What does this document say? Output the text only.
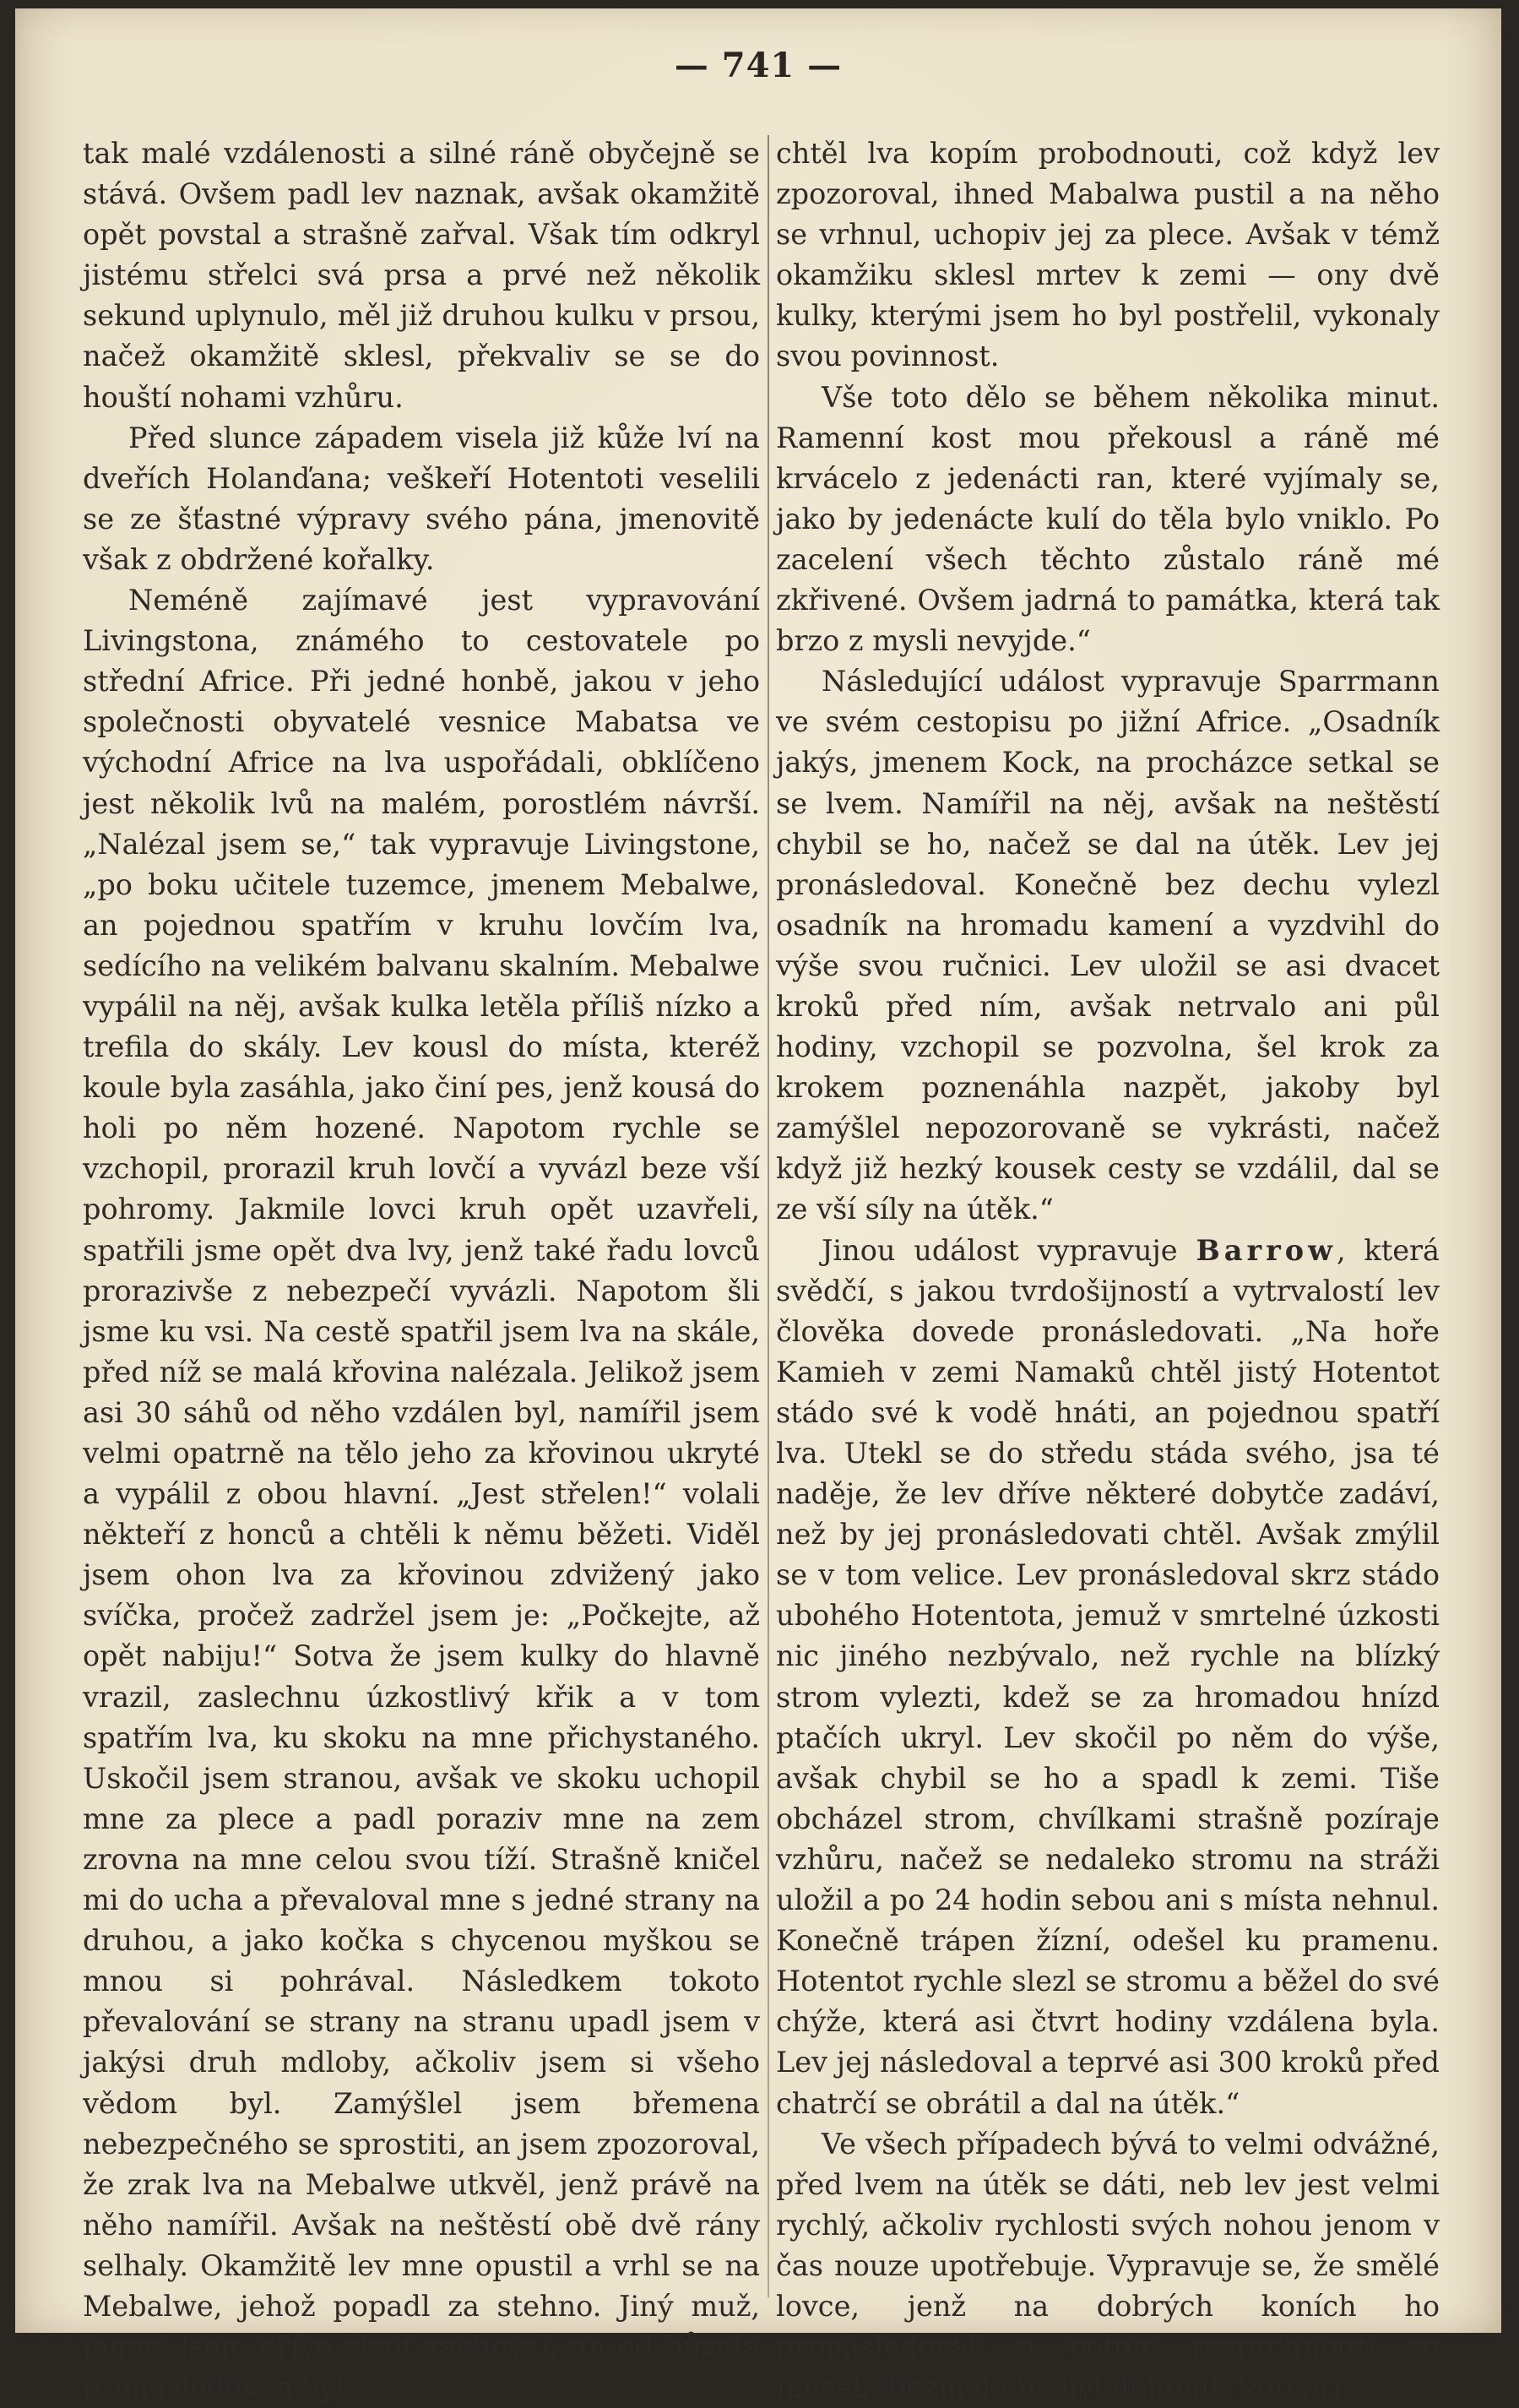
— 741 —

tak malé vzdálenosti a silné ráně obyčejně se stává. Ovšem padl lev naznak, avšak okamžitě opět povstal a strašně zařval. Však tím odkryl jistému střelci svá prsa a prvé než několik sekund uplynulo, měl již druhou kulku v prsou, načež okamžitě sklesl, překvaliv se se do houští nohami vzhůru.

Před slunce západem visela již kůže lví na dveřích Holanďana; veškeří Hotentoti veselili se ze šťastné výpravy svého pána, jmenovitě však z obdržené kořalky.

Neméně zajímavé jest vypravování Livingstona, známého to cestovatele po střední Africe. Při jedné honbě, jakou v jeho společnosti obyvatelé vesnice Mabatsa ve východní Africe na lva uspořádali, obklíčeno jest několik lvů na malém, porostlém návrší. „Nalézal jsem se,“ tak vypravuje Livingstone, „po boku učitele tuzemce, jmenem Mebalwe, an pojednou spatřím v kruhu lovčím lva, sedícího na velikém balvanu skalním. Mebalwe vypálil na něj, avšak kulka letěla příliš nízko a trefila do skály. Lev kousl do místa, kteréž koule byla zasáhla, jako činí pes, jenž kousá do holi po něm hozené. Napotom rychle se vzchopil, prorazil kruh lovčí a vyvázl beze vší pohromy. Jakmile lovci kruh opět uzavřeli, spatřili jsme opět dva lvy, jenž také řadu lovců prorazivše z nebezpečí vyvázli. Napotom šli jsme ku vsi. Na cestě spatřil jsem lva na skále, před níž se malá křovina nalézala. Jelikož jsem asi 30 sáhů od něho vzdálen byl, namířil jsem velmi opatrně na tělo jeho za křovinou ukryté a vypálil z obou hlavní. „Jest střelen!“ volali někteří z honců a chtěli k němu běžeti. Viděl jsem ohon lva za křovinou zdvižený jako svíčka, pročež zadržel jsem je: „Počkejte, až opět nabiju!“ Sotva že jsem kulky do hlavně vrazil, zaslechnu úzkostlivý křik a v tom spatřím lva, ku skoku na mne přichystaného. Uskočil jsem stranou, avšak ve skoku uchopil mne za plece a padl poraziv mne na zem zrovna na mne celou svou tíží. Strašně kničel mi do ucha a převaloval mne s jedné strany na druhou, a jako kočka s chycenou myškou se mnou si pohrával. Následkem tokoto převalování se strany na stranu upadl jsem v jakýsi druh mdloby, ačkoliv jsem si všeho vědom byl. Zamýšlel jsem břemena nebezpečného se sprostiti, an jsem zpozoroval, že zrak lva na Mebalwe utkvěl, jenž právě na něho namířil. Avšak na neštěstí obě dvě rány selhaly. Okamžitě lev mne opustil a vrhl se na Mebalwe, jehož popadl za stehno. Jiný muž, jemuž jsem dříve život zachoval, an od bůvola pronásledován byl,

chtěl lva kopím probodnouti, což když lev zpozoroval, ihned Mabalwa pustil a na něho se vrhnul, uchopiv jej za plece. Avšak v témž okamžiku sklesl mrtev k zemi — ony dvě kulky, kterými jsem ho byl postřelil, vykonaly svou povinnost.

Vše toto dělo se během několika minut. Ramenní kost mou překousl a ráně mé krvácelo z jedenácti ran, které vyjímaly se, jako by jedenácte kulí do těla bylo vniklo. Po zacelení všech těchto zůstalo ráně mé zkřivené. Ovšem jadrná to památka, která tak brzo z mysli nevyjde.“

Následující událost vypravuje Sparrmann ve svém cestopisu po jižní Africe. „Osadník jakýs, jmenem Kock, na procházce setkal se se lvem. Namířil na něj, avšak na neštěstí chybil se ho, načež se dal na útěk. Lev jej pronásledoval. Konečně bez dechu vylezl osadník na hromadu kamení a vyzdvihl do výše svou ručnici. Lev uložil se asi dvacet kroků před ním, avšak netrvalo ani půl hodiny, vzchopil se pozvolna, šel krok za krokem poznenáhla nazpět, jakoby byl zamýšlel nepozorovaně se vykrásti, načež když již hezký kousek cesty se vzdálil, dal se ze vší síly na útěk.“

Jinou událost vypravuje Barrow, která svědčí, s jakou tvrdošijností a vytrvalostí lev člověka dovede pronásledovati. „Na hoře Kamieh v zemi Namaků chtěl jistý Hotentot stádo své k vodě hnáti, an pojednou spatří lva. Utekl se do středu stáda svého, jsa té naděje, že lev dříve některé dobytče zadáví, než by jej pronásledovati chtěl. Avšak zmýlil se v tom velice. Lev pronásledoval skrz stádo ubohého Hotentota, jemuž v smrtelné úzkosti nic jiného nezbývalo, než rychle na blízký strom vylezti, kdež se za hromadou hnízd ptačích ukryl. Lev skočil po něm do výše, avšak chybil se ho a spadl k zemi. Tiše obcházel strom, chvílkami strašně pozíraje vzhůru, načež se nedaleko stromu na stráži uložil a po 24 hodin sebou ani s místa nehnul. Konečně trápen žízní, odešel ku pramenu. Hotentot rychle slezl se stromu a běžel do své chýže, která asi čtvrt hodiny vzdálena byla. Lev jej následoval a teprvé asi 300 kroků před chatrčí se obrátil a dal na útěk.“

Ve všech případech bývá to velmi odvážné, před lvem na útěk se dáti, neb lev jest velmi rychlý, ačkoliv rychlosti svých nohou jenom v čas nouze upotřebuje. Vypravuje se, že smělé lovce, jenž na dobrých koních ho pronásledovali a potom rozprchnouti se museli, bezmála by byl dohonil. Kdo při
